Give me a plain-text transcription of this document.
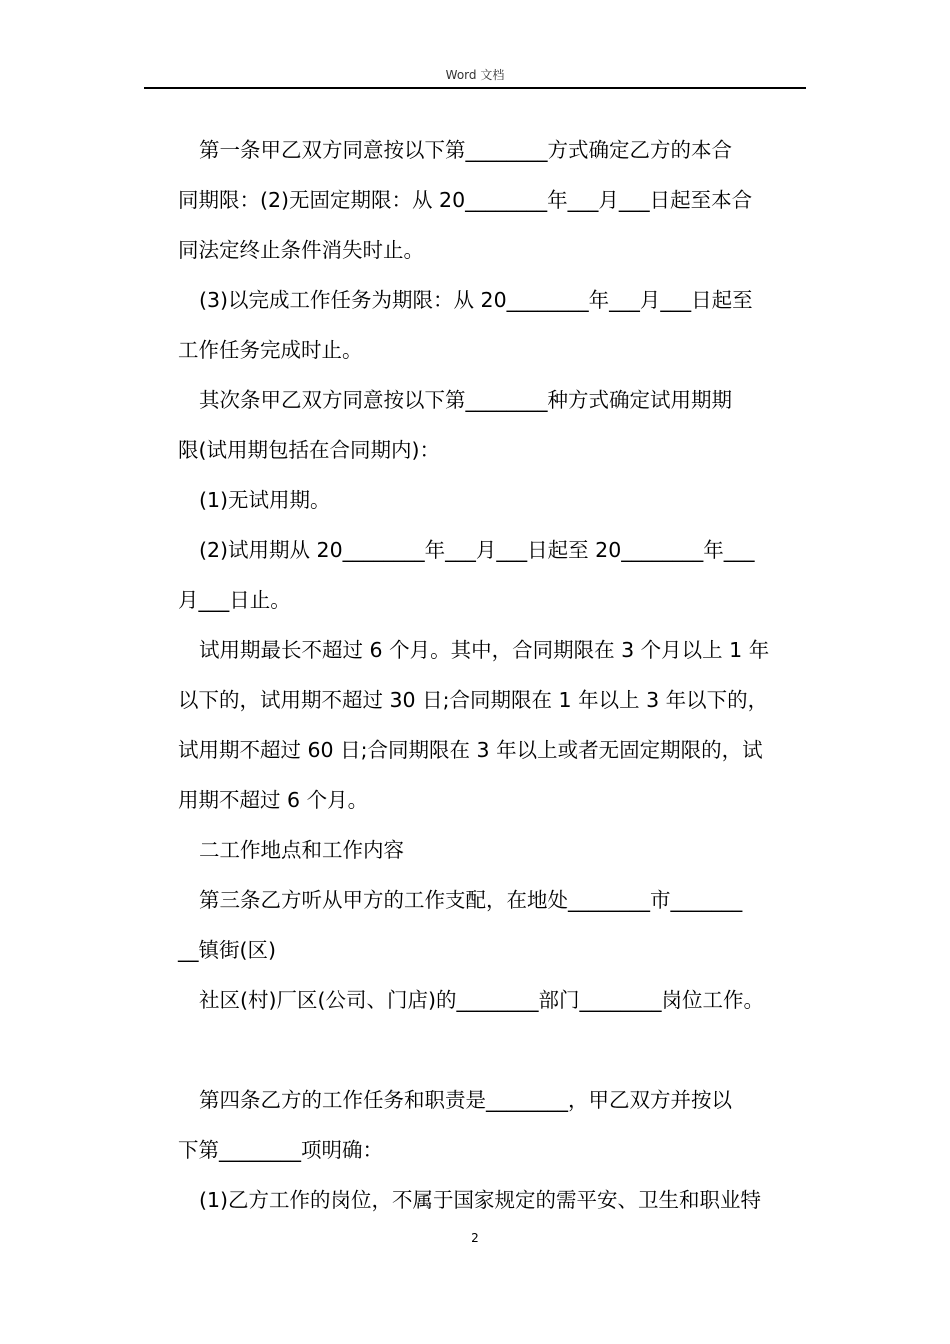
Word 文档
第一条甲乙双方同意按以下第________方式确定乙方的本合
同期限：(2)无固定期限：从 20________年___月___日起至本合
同法定终止条件消失时止。
(3)以完成工作任务为期限：从 20________年___月___日起至
工作任务完成时止。
其次条甲乙双方同意按以下第________种方式确定试用期期
限(试用期包括在合同期内)：
(1)无试用期。
(2)试用期从 20________年___月___日起至 20________年___
月___日止。
试用期最长不超过 6 个月。其中，合同期限在 3 个月以上 1 年
以下的，试用期不超过 30 日;合同期限在 1 年以上 3 年以下的，
试用期不超过 60 日;合同期限在 3 年以上或者无固定期限的，试
用期不超过 6 个月。
二工作地点和工作内容
第三条乙方听从甲方的工作支配，在地处________市_______
__镇街(区)
社区(村)厂区(公司、门店)的________部门________岗位工作。
第四条乙方的工作任务和职责是________，甲乙双方并按以
下第________项明确：
(1)乙方工作的岗位，不属于国家规定的需平安、卫生和职业特
2
